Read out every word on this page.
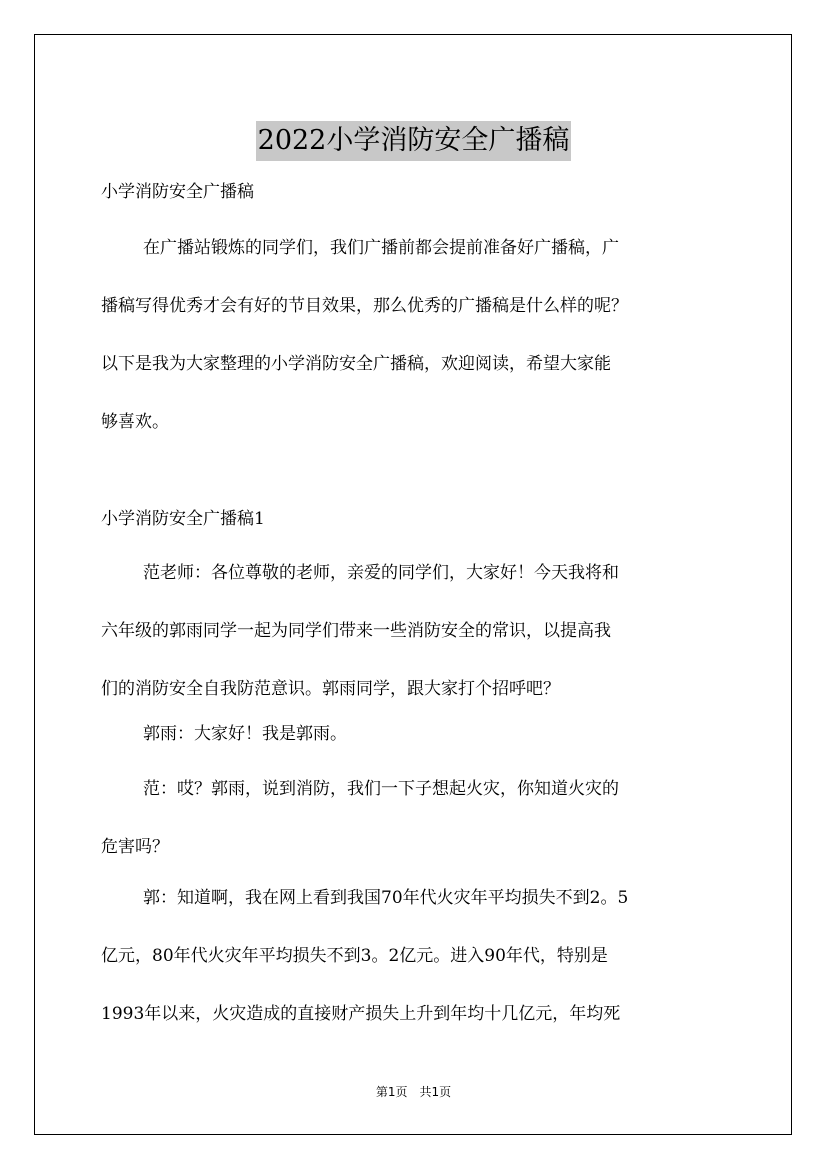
2022小学消防安全广播稿

小学消防安全广播稿

在广播站锻炼的同学们，我们广播前都会提前准备好广播稿，广
播稿写得优秀才会有好的节目效果，那么优秀的广播稿是什么样的呢？
以下是我为大家整理的小学消防安全广播稿，欢迎阅读，希望大家能
够喜欢。

小学消防安全广播稿1

范老师：各位尊敬的老师，亲爱的同学们，大家好！今天我将和
六年级的郭雨同学一起为同学们带来一些消防安全的常识，以提高我
们的消防安全自我防范意识。郭雨同学，跟大家打个招呼吧？

郭雨：大家好！我是郭雨。

范：哎？郭雨，说到消防，我们一下子想起火灾，你知道火灾的
危害吗？

郭：知道啊，我在网上看到我国70年代火灾年平均损失不到2。5
亿元，80年代火灾年平均损失不到3。2亿元。进入90年代，特别是
1993年以来，火灾造成的直接财产损失上升到年均十几亿元，年均死

第1页　共1页
